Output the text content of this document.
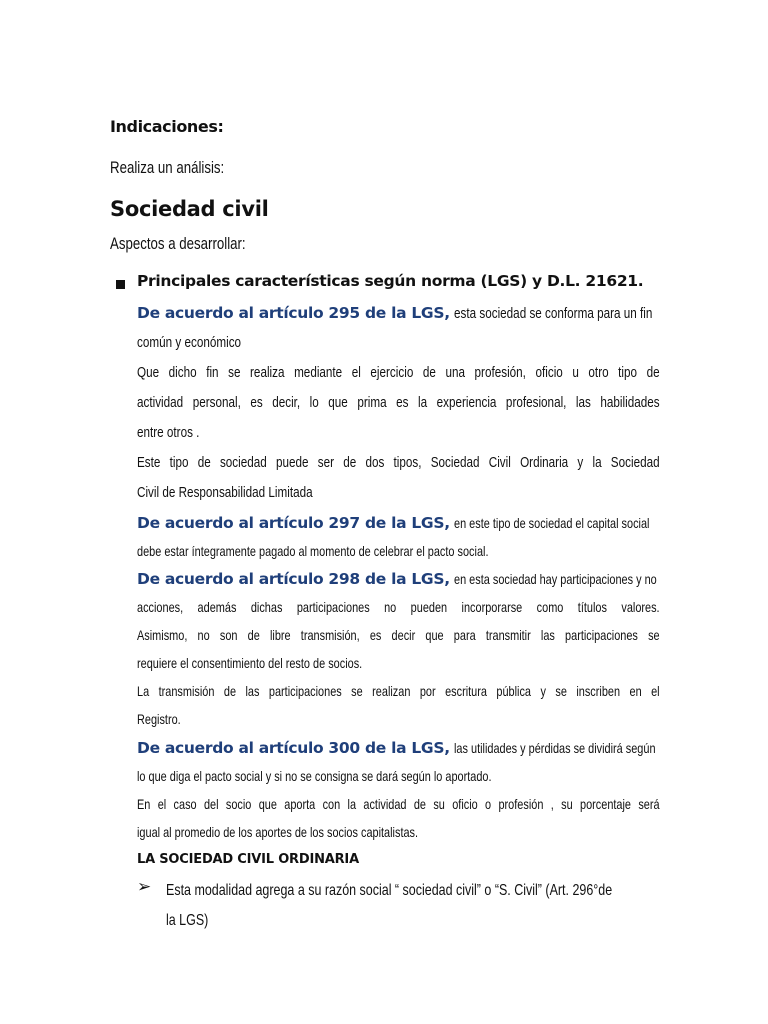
Indicaciones:
Realiza un análisis:
Sociedad civil
Aspectos a desarrollar:
Principales características según norma (LGS) y D.L. 21621.
De acuerdo al artículo 295 de la LGS, esta sociedad se conforma para un fin
común y económico
Que dicho fin se realiza mediante el ejercicio de una profesión, oficio u otro tipo de
actividad personal, es decir, lo que prima es la experiencia profesional, las habilidades
entre otros .
Este tipo de sociedad puede ser de dos tipos, Sociedad Civil Ordinaria y la Sociedad
Civil de Responsabilidad Limitada
De acuerdo al artículo 297 de la LGS, en este tipo de sociedad el capital social
debe estar íntegramente pagado al momento de celebrar el pacto social.
De acuerdo al artículo 298 de la LGS, en esta sociedad hay participaciones y no
acciones, además dichas participaciones no pueden incorporarse como títulos valores.
Asimismo, no son de libre transmisión, es decir que para transmitir las participaciones se
requiere el consentimiento del resto de socios.
La transmisión de las participaciones se realizan por escritura pública y se inscriben en el
Registro.
De acuerdo al artículo 300 de la LGS, las utilidades y pérdidas se dividirá según
lo que diga el pacto social y si no se consigna se dará según lo aportado.
En el caso del socio que aporta con la actividad de su oficio o profesión , su porcentaje será
igual al promedio de los aportes de los socios capitalistas.
LA SOCIEDAD CIVIL ORDINARIA
➢ Esta modalidad agrega a su razón social “ sociedad civil” o “S. Civil” (Art. 296°de
la LGS)
